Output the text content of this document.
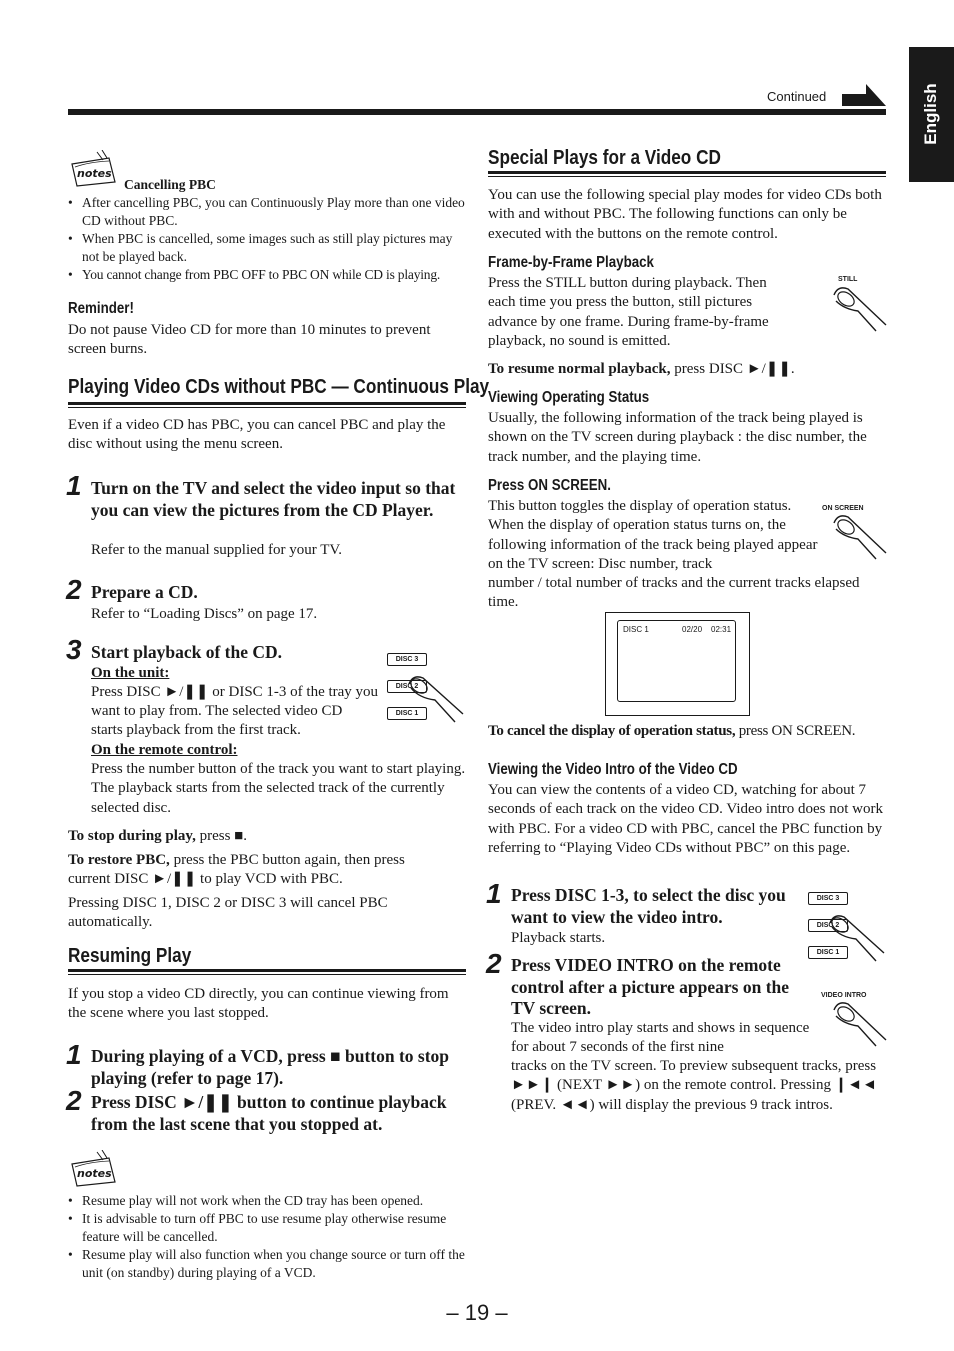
English
Continued
notes
Cancelling PBC
• After cancelling PBC, you can Continuously Play more than one video CD without PBC.
• When PBC is cancelled, some images such as still play pictures may not be played back.
• You cannot change from PBC OFF to PBC ON while CD is playing.
Reminder!
Do not pause Video CD for more than 10 minutes to prevent screen burns.
Playing Video CDs without PBC — Continuous Play
Even if a video CD has PBC, you can cancel PBC and play the disc without using the menu screen.
1 Turn on the TV and select the video input so that you can view the pictures from the CD Player.
Refer to the manual supplied for your TV.
2 Prepare a CD.
Refer to “Loading Discs” on page 17.
3 Start playback of the CD.
On the unit:
Press DISC ►/❚❚ or DISC 1-3 of the tray you
want to play from. The selected video CD starts playback from the first track.
DISC 3
DISC 2
DISC 1
On the remote control:
Press the number button of the track you want to start playing. The playback starts from the selected track of the currently selected disc.
To stop during play, press ■.
To restore PBC, press the PBC button again, then press current DISC ►/❚❚ to play VCD with PBC.
Pressing DISC 1, DISC 2 or DISC 3 will cancel PBC automatically.
Resuming Play
If you stop a video CD directly, you can continue viewing from the scene where you last stopped.
1 During playing of a VCD, press ■ button to stop playing (refer to page 17).
2 Press DISC ►/❚❚ button to continue playback from the last scene that you stopped at.
notes
• Resume play will not work when the CD tray has been opened.
• It is advisable to turn off PBC to use resume play otherwise resume feature will be cancelled.
• Resume play will also function when you change source or turn off the unit (on standby) during playing of a VCD.
Special Plays for a Video CD
You can use the following special play modes for video CDs both with and without PBC. The following functions can only be executed with the buttons on the remote control.
Frame-by-Frame Playback
Press the STILL button during playback. Then each time you press the button, still pictures advance by one frame. During frame-by-frame playback, no sound is emitted.
STILL
To resume normal playback, press DISC ►/❚❚.
Viewing Operating Status
Usually, the following information of the track being played is shown on the TV screen during playback : the disc number, the track number, and the playing time.
Press ON SCREEN.
This button toggles the display of operation status. When the display of operation status turns on, the following information of the track being played appear on the TV screen: Disc number, track
number / total number of tracks and the current tracks elapsed time.
ON SCREEN
DISC 1	02/20 02:31
To cancel the display of operation status, press ON SCREEN.
Viewing the Video Intro of the Video CD
You can view the contents of a video CD, watching for about 7 seconds of each track on the video CD. Video intro does not work with PBC. For a video CD with PBC, cancel the PBC function by referring to “Playing Video CDs without PBC” on this page.
1 Press DISC 1-3, to select the disc you want to view the video intro.
Playback starts.
DISC 3
DISC 2
DISC 1
2 Press VIDEO INTRO on the remote control after a picture appears on the TV screen.
The video intro play starts and shows in sequence for about 7 seconds of the first nine
tracks on the TV screen. To preview subsequent tracks, press ►►❙ (NEXT ►►) on the remote control. Pressing ❙◄◄ (PREV. ◄◄) will display the previous 9 track intros.
VIDEO INTRO
– 19 –
